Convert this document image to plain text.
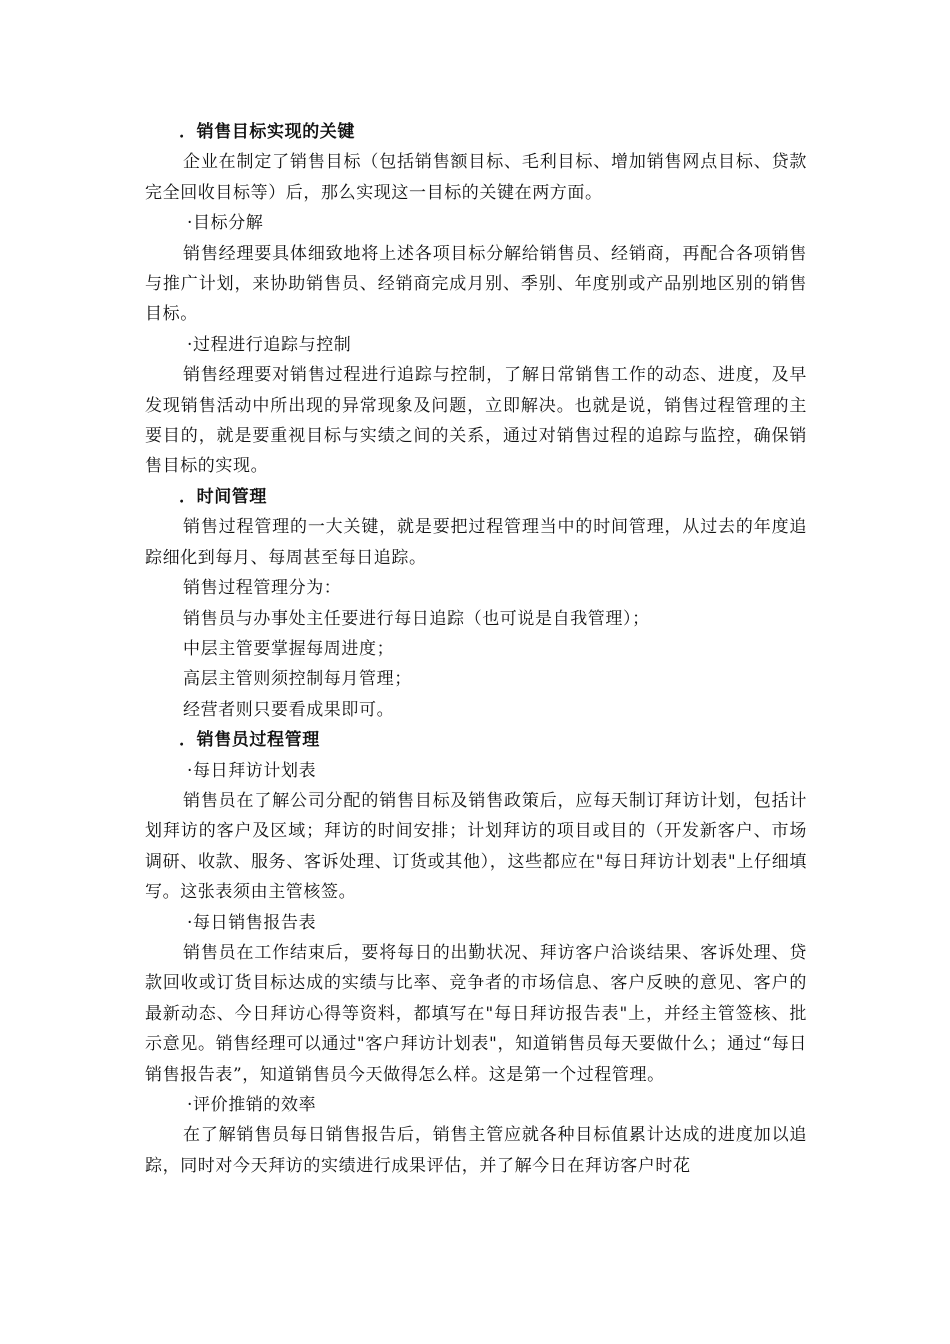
．销售目标实现的关键

企业在制定了销售目标（包括销售额目标、毛利目标、增加销售网点目标、贷款完全回收目标等）后，那么实现这一目标的关键在两方面。

·目标分解

销售经理要具体细致地将上述各项目标分解给销售员、经销商，再配合各项销售与推广计划，来协助销售员、经销商完成月别、季别、年度别或产品别地区别的销售目标。

·过程进行追踪与控制

销售经理要对销售过程进行追踪与控制，了解日常销售工作的动态、进度，及早发现销售活动中所出现的异常现象及问题，立即解决。也就是说，销售过程管理的主要目的，就是要重视目标与实绩之间的关系，通过对销售过程的追踪与监控，确保销售目标的实现。

．时间管理

销售过程管理的一大关键，就是要把过程管理当中的时间管理，从过去的年度追踪细化到每月、每周甚至每日追踪。

销售过程管理分为：

销售员与办事处主任要进行每日追踪（也可说是自我管理）；

中层主管要掌握每周进度；

高层主管则须控制每月管理；

经营者则只要看成果即可。

．销售员过程管理

·每日拜访计划表

销售员在了解公司分配的销售目标及销售政策后，应每天制订拜访计划，包括计划拜访的客户及区域；拜访的时间安排；计划拜访的项目或目的（开发新客户、市场调研、收款、服务、客诉处理、订货或其他），这些都应在"每日拜访计划表"上仔细填写。这张表须由主管核签。

·每日销售报告表

销售员在工作结束后，要将每日的出勤状况、拜访客户洽谈结果、客诉处理、贷款回收或订货目标达成的实绩与比率、竞争者的市场信息、客户反映的意见、客户的最新动态、今日拜访心得等资料，都填写在"每日拜访报告表"上，并经主管签核、批示意见。销售经理可以通过"客户拜访计划表"，知道销售员每天要做什么；通过“每日销售报告表”，知道销售员今天做得怎么样。这是第一个过程管理。

·评价推销的效率

在了解销售员每日销售报告后，销售主管应就各种目标值累计达成的进度加以追踪，同时对今天拜访的实绩进行成果评估，并了解今日在拜访客户时花
